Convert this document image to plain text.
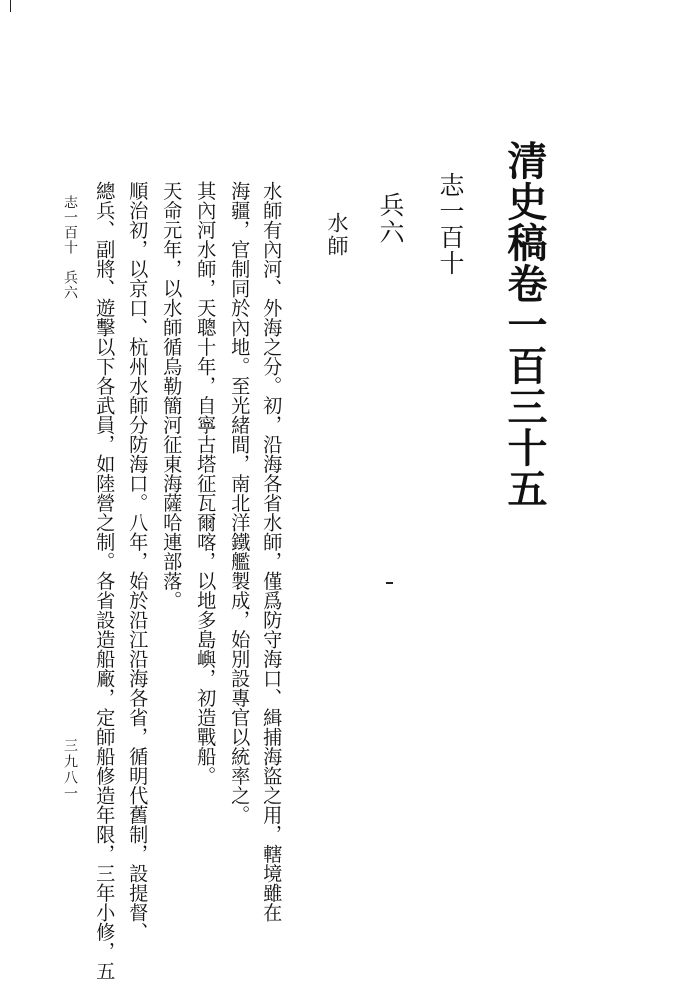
清史稿卷一百三十五
志一百十
兵六
水師
水師有內河、外海之分。初，沿海各省水師，僅爲防守海口、緝捕海盜之用，轄境雖在
海疆，官制同於內地。至光緒間，南北洋鐵艦製成，始別設專官以統率之。
其內河水師，天聰十年，自寧古塔征瓦爾喀，以地多島嶼，初造戰船。
天命元年，以水師循烏勒簡河征東海薩哈連部落。
順治初，以京口、杭州水師分防海口。八年，始於沿江沿海各省，循明代舊制，設提督、
總兵、副將、遊擊以下各武員，如陸營之制。各省設造船廠，定師船修造年限，三年小修，五
志一百十　兵六
三九八一
